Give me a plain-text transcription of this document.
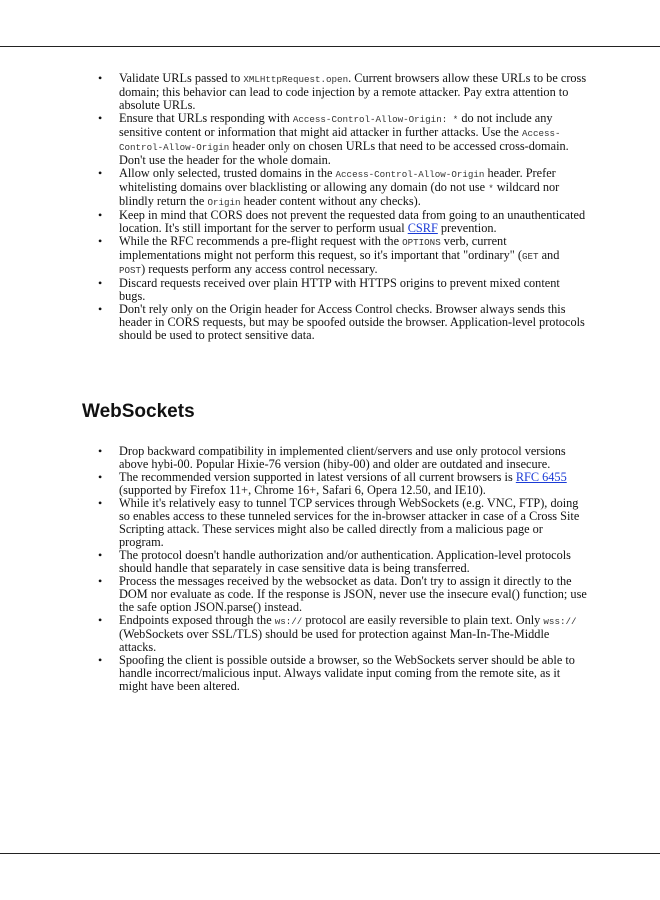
• Validate URLs passed to XMLHttpRequest.open. Current browsers allow these URLs to be cross domain; this behavior can lead to code injection by a remote attacker. Pay extra attention to absolute URLs.
• Ensure that URLs responding with Access-Control-Allow-Origin: * do not include any sensitive content or information that might aid attacker in further attacks. Use the Access-Control-Allow-Origin header only on chosen URLs that need to be accessed cross-domain. Don't use the header for the whole domain.
• Allow only selected, trusted domains in the Access-Control-Allow-Origin header. Prefer whitelisting domains over blacklisting or allowing any domain (do not use * wildcard nor blindly return the Origin header content without any checks).
• Keep in mind that CORS does not prevent the requested data from going to an unauthenticated location. It's still important for the server to perform usual CSRF prevention.
• While the RFC recommends a pre-flight request with the OPTIONS verb, current implementations might not perform this request, so it's important that "ordinary" (GET and POST) requests perform any access control necessary.
• Discard requests received over plain HTTP with HTTPS origins to prevent mixed content bugs.
• Don't rely only on the Origin header for Access Control checks. Browser always sends this header in CORS requests, but may be spoofed outside the browser. Application-level protocols should be used to protect sensitive data.
WebSockets
• Drop backward compatibility in implemented client/servers and use only protocol versions above hybi-00. Popular Hixie-76 version (hiby-00) and older are outdated and insecure.
• The recommended version supported in latest versions of all current browsers is RFC 6455 (supported by Firefox 11+, Chrome 16+, Safari 6, Opera 12.50, and IE10).
• While it's relatively easy to tunnel TCP services through WebSockets (e.g. VNC, FTP), doing so enables access to these tunneled services for the in-browser attacker in case of a Cross Site Scripting attack. These services might also be called directly from a malicious page or program.
• The protocol doesn't handle authorization and/or authentication. Application-level protocols should handle that separately in case sensitive data is being transferred.
• Process the messages received by the websocket as data. Don't try to assign it directly to the DOM nor evaluate as code. If the response is JSON, never use the insecure eval() function; use the safe option JSON.parse() instead.
• Endpoints exposed through the ws:// protocol are easily reversible to plain text. Only wss:// (WebSockets over SSL/TLS) should be used for protection against Man-In-The-Middle attacks.
• Spoofing the client is possible outside a browser, so the WebSockets server should be able to handle incorrect/malicious input. Always validate input coming from the remote site, as it might have been altered.
